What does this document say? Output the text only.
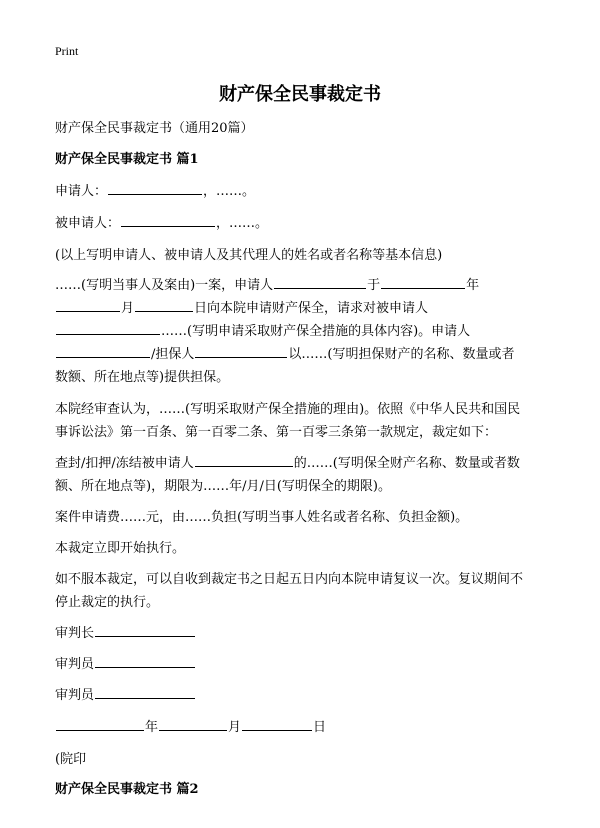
Print
财产保全民事裁定书
财产保全民事裁定书（通用20篇）
财产保全民事裁定书 篇1
申请人：	，……。
被申请人：	，……。
(以上写明申请人、被申请人及其代理人的姓名或者名称等基本信息)
……(写明当事人及案由)一案，申请人	于	年
月	日向本院申请财产保全，请求对被申请人
……(写明申请采取财产保全措施的具体内容)。申请人
/担保人	以……(写明担保财产的名称、数量或者
数额、所在地点等)提供担保。
本院经审查认为，……(写明采取财产保全措施的理由)。依照《中华人民共和国民
事诉讼法》第一百条、第一百零二条、第一百零三条第一款规定，裁定如下：
查封/扣押/冻结被申请人	的……(写明保全财产名称、数量或者数
额、所在地点等)，期限为……年/月/日(写明保全的期限)。
案件申请费……元，由……负担(写明当事人姓名或者名称、负担金额)。
本裁定立即开始执行。
如不服本裁定，可以自收到裁定书之日起五日内向本院申请复议一次。复议期间不
停止裁定的执行。
审判长
审判员
审判员
年	月	日
(院印
财产保全民事裁定书 篇2
